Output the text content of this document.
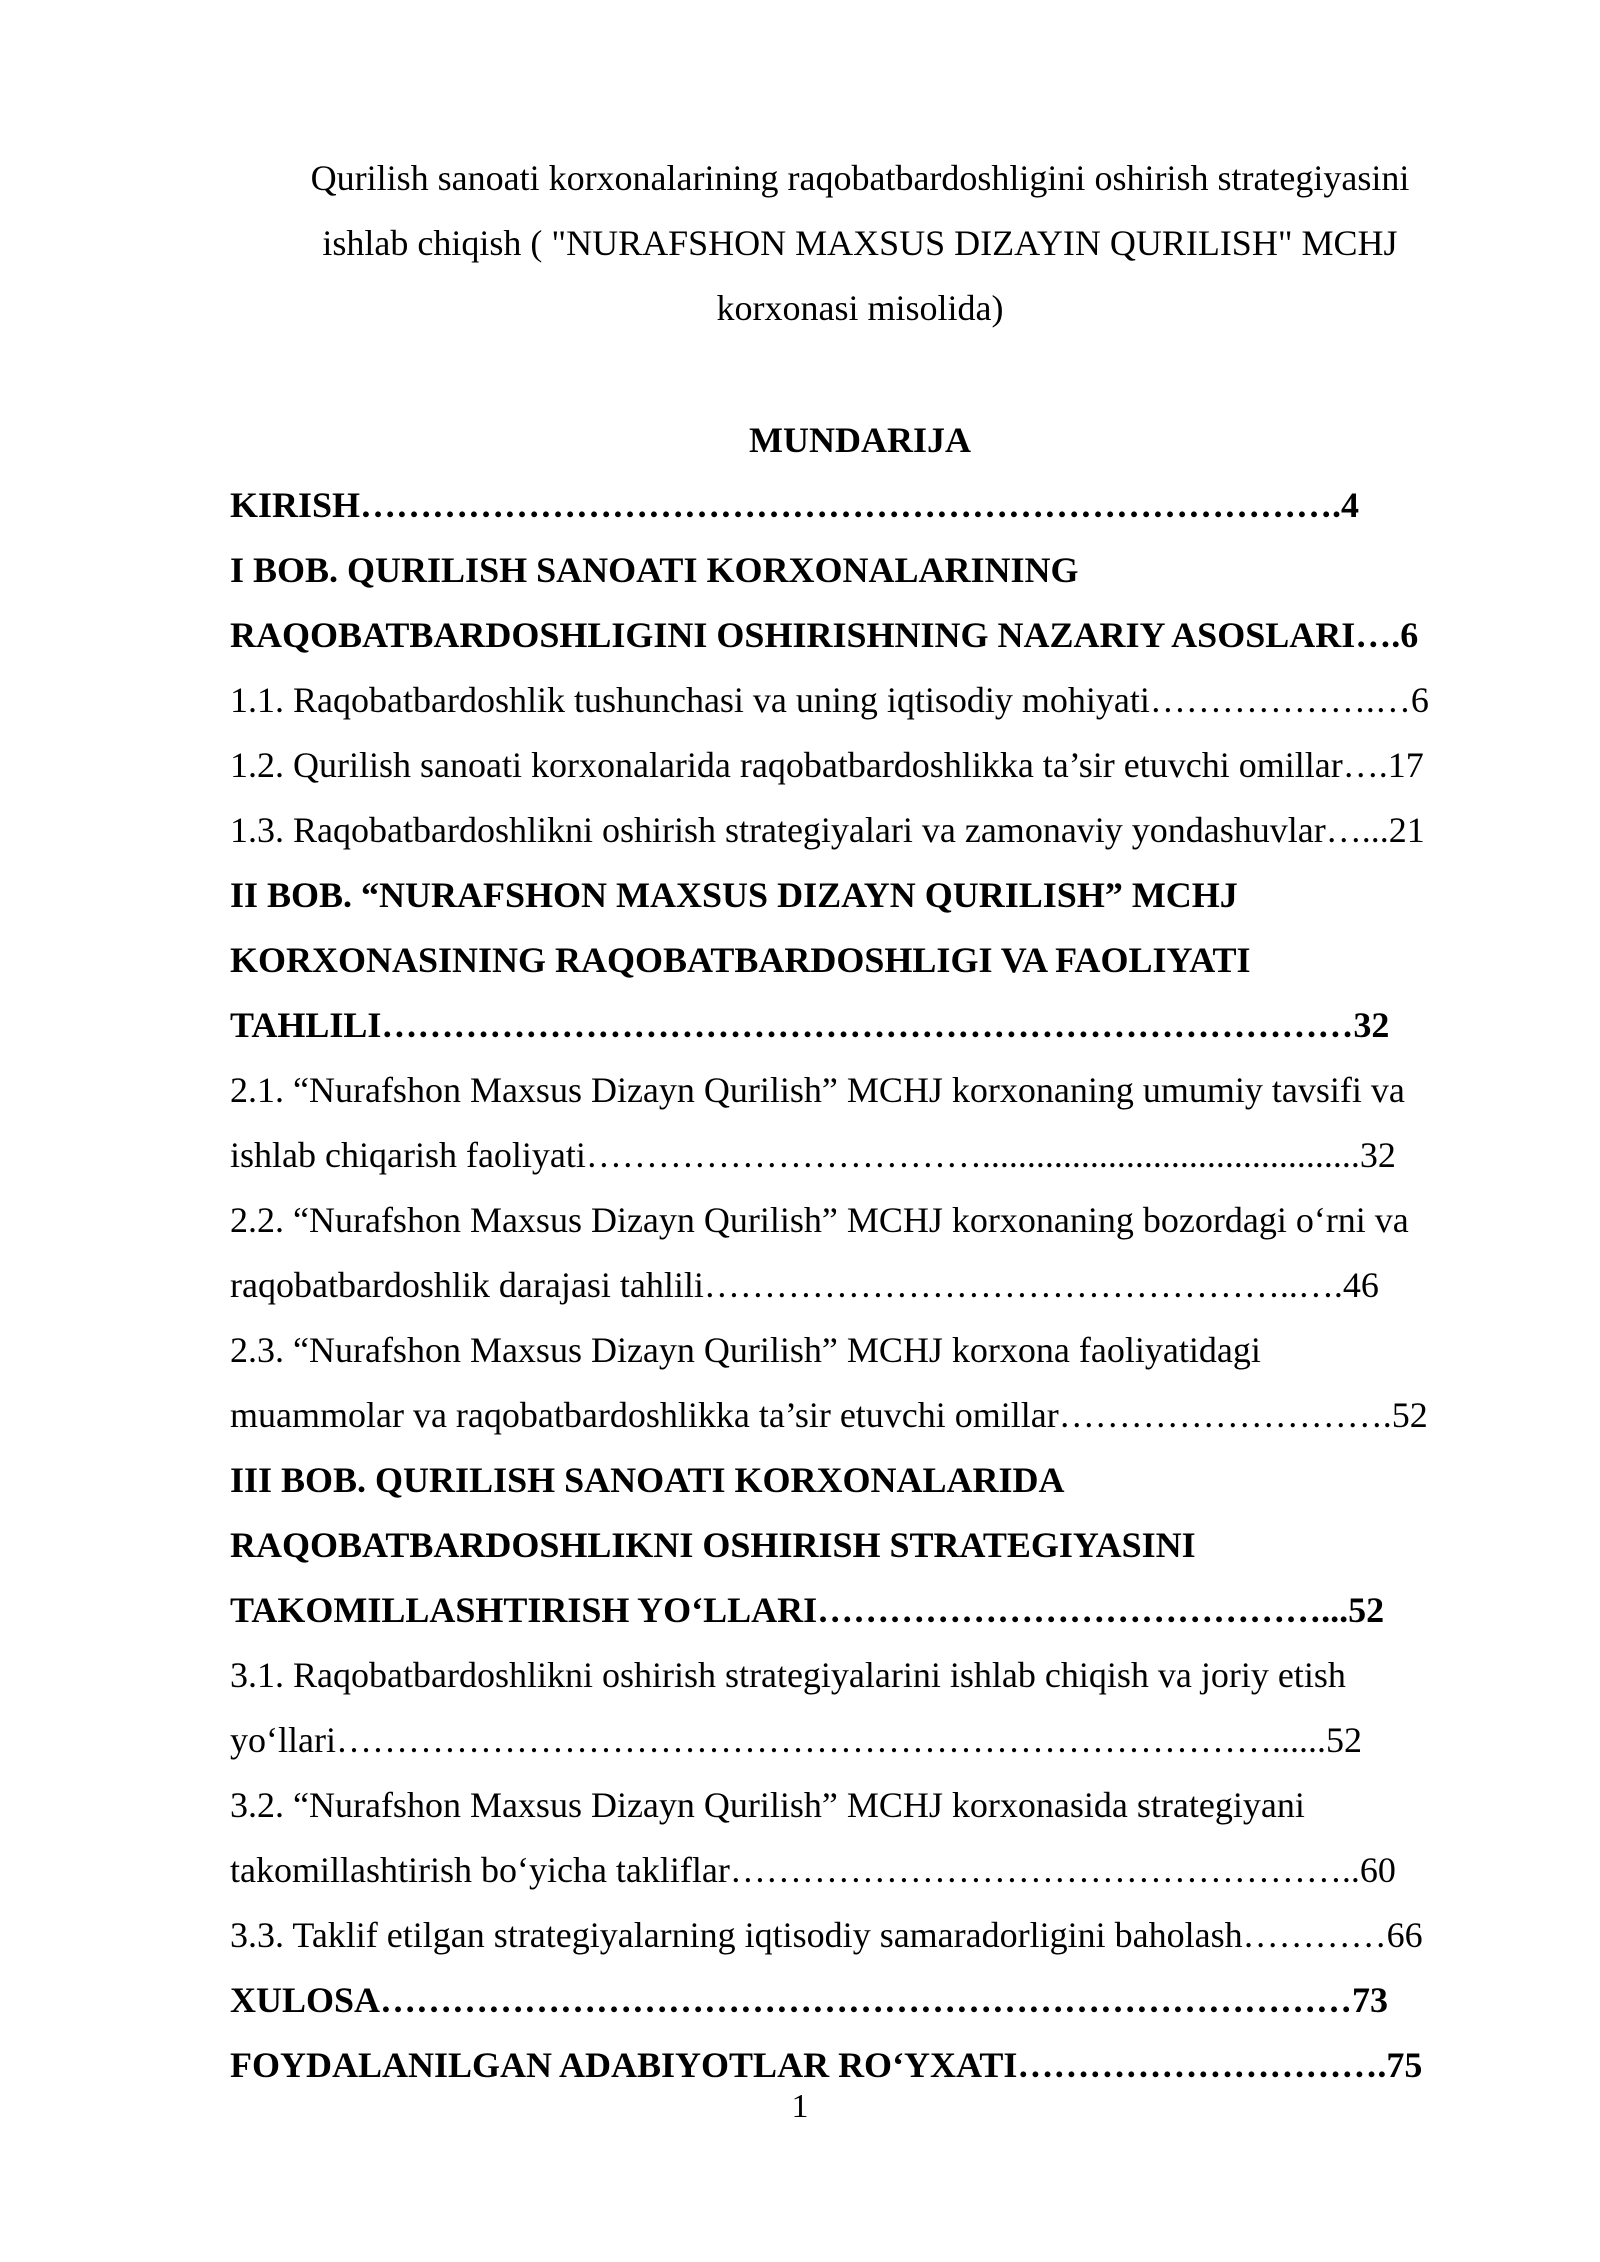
Qurilish sanoati korxonalarining raqobatbardoshligini oshirish strategiyasini
ishlab chiqish ( "NURAFSHON MAXSUS DIZAYIN QURILISH" MCHJ
korxonasi misolida)
MUNDARIJA
KIRISH……………………………………………………………………….4
I BOB. QURILISH SANOATI KORXONALARINING
RAQOBATBARDOSHLIGINI OSHIRISHNING NAZARIY ASOSLARI….6
1.1. Raqobatbardoshlik tushunchasi va uning iqtisodiy mohiyati……………….…6
1.2. Qurilish sanoati korxonalarida raqobatbardoshlikka ta’sir etuvchi omillar….17
1.3. Raqobatbardoshlikni oshirish strategiyalari va zamonaviy yondashuvlar…...21
II BOB. “NURAFSHON MAXSUS DIZAYN QURILISH” MCHJ
KORXONASINING RAQOBATBARDOSHLIGI VA FAOLIYATI
TAHLILI………………………………………………………………………32
2.1. “Nurafshon Maxsus Dizayn Qurilish” MCHJ korxonaning umumiy tavsifi va
ishlab chiqarish faoliyati……………………………..........................................32
2.2. “Nurafshon Maxsus Dizayn Qurilish” MCHJ korxonaning bozordagi o‘rni va
raqobatbardoshlik darajasi tahlili…………………………………………..….46
2.3. “Nurafshon Maxsus Dizayn Qurilish” MCHJ korxona faoliyatidagi
muammolar va raqobatbardoshlikka ta’sir etuvchi omillar……………………….52
III BOB. QURILISH SANOATI KORXONALARIDA
RAQOBATBARDOSHLIKNI OSHIRISH STRATEGIYASINI
TAKOMILLASHTIRISH YO‘LLARI……………………………………...52
3.1. Raqobatbardoshlikni oshirish strategiyalarini ishlab chiqish va joriy etish
yo‘llari……………………………………………………………………......52
3.2. “Nurafshon Maxsus Dizayn Qurilish” MCHJ korxonasida strategiyani
takomillashtirish bo‘yicha takliflar……………………………………………..60
3.3. Taklif etilgan strategiyalarning iqtisodiy samaradorligini baholash…………66
XULOSA………………………………………………………………………73
FOYDALANILGAN ADABIYOTLAR RO‘YXATI………………………….75
1
